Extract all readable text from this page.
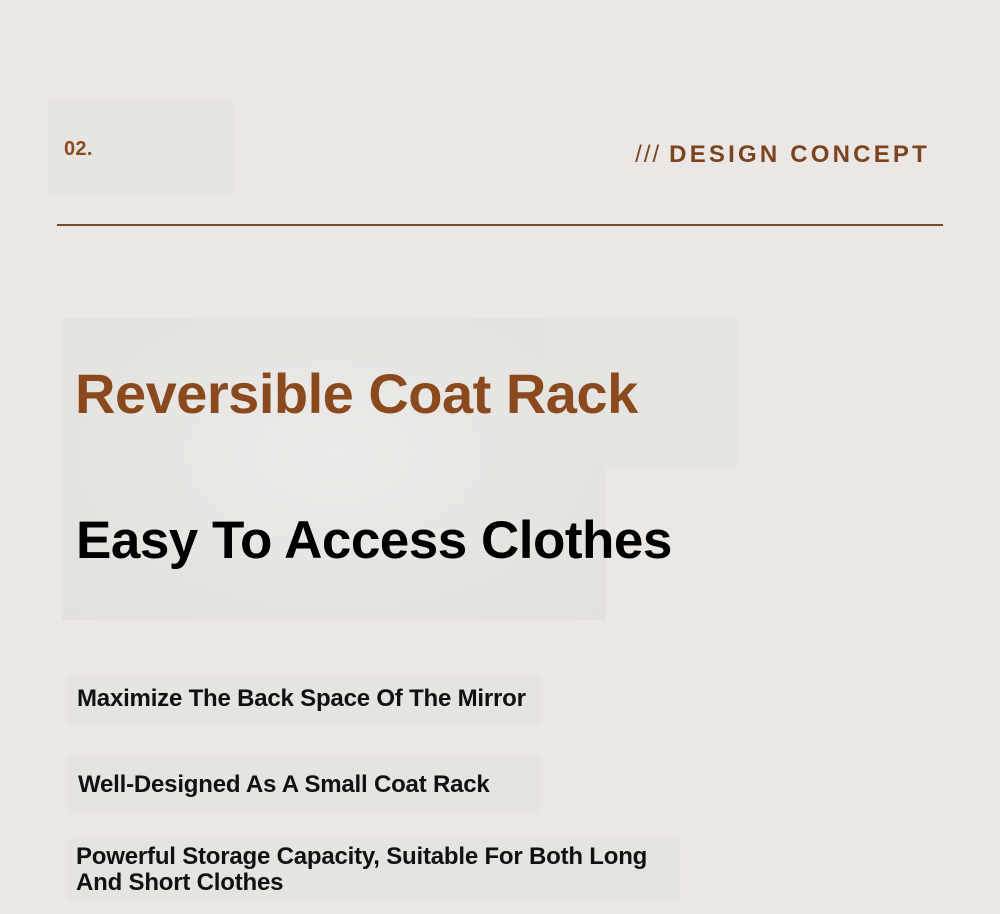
02.	/// DESIGN CONCEPT
Reversible Coat Rack
Easy To Access Clothes
Maximize The Back Space Of The Mirror
Well-Designed As A Small Coat Rack
Powerful Storage Capacity, Suitable For Both Long And Short Clothes
